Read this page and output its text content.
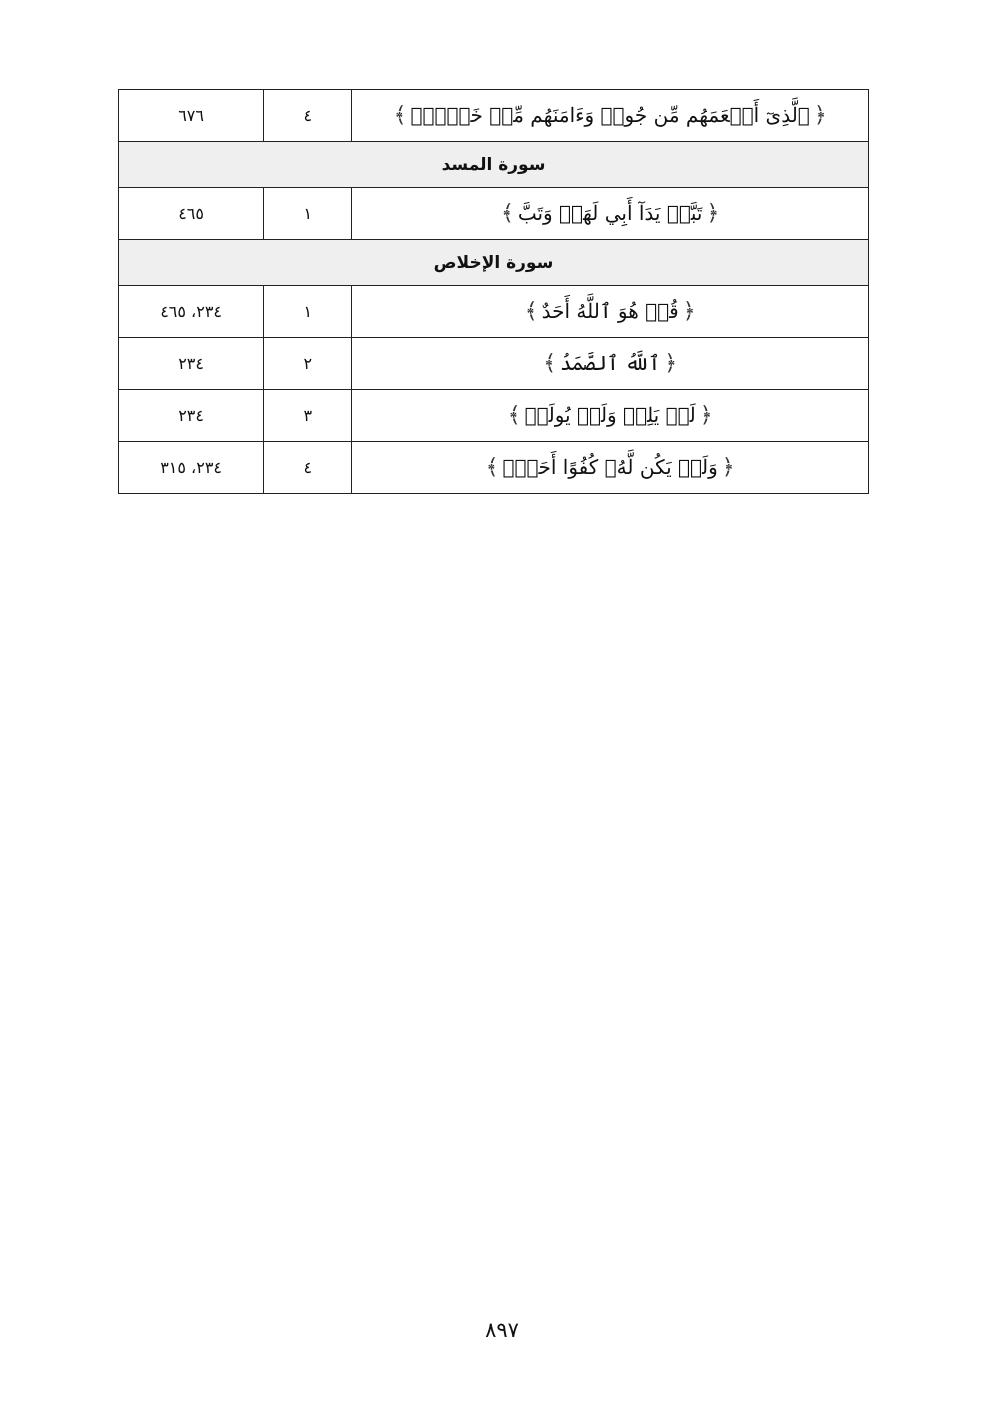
﴿ٱلَّذِىٓ أَطۡعَمَهُم مِّن جُوعٖ وَءَامَنَهُم مِّنۡ خَوۡفِۭ﴾	٤	٦٧٦
سورة المسد		
﴿تَبَّتۡ يَدَآ أَبِي لَهَبٖ وَتَبَّ﴾	١	٤٦٥
سورة الإخلاص		
﴿قُلۡ هُوَ ٱللَّهُ أَحَدٌ﴾	١	٢٣٤، ٤٦٥
﴿ٱللَّهُ ٱلصَّمَدُ﴾	٢	٢٣٤
﴿لَمۡ يَلِدۡ وَلَمۡ يُولَدۡ﴾	٣	٢٣٤
﴿وَلَمۡ يَكُن لَّهُۥ كُفُوًا أَحَدُۢ﴾	٤	٢٣٤، ٣١٥
٨٩٧
